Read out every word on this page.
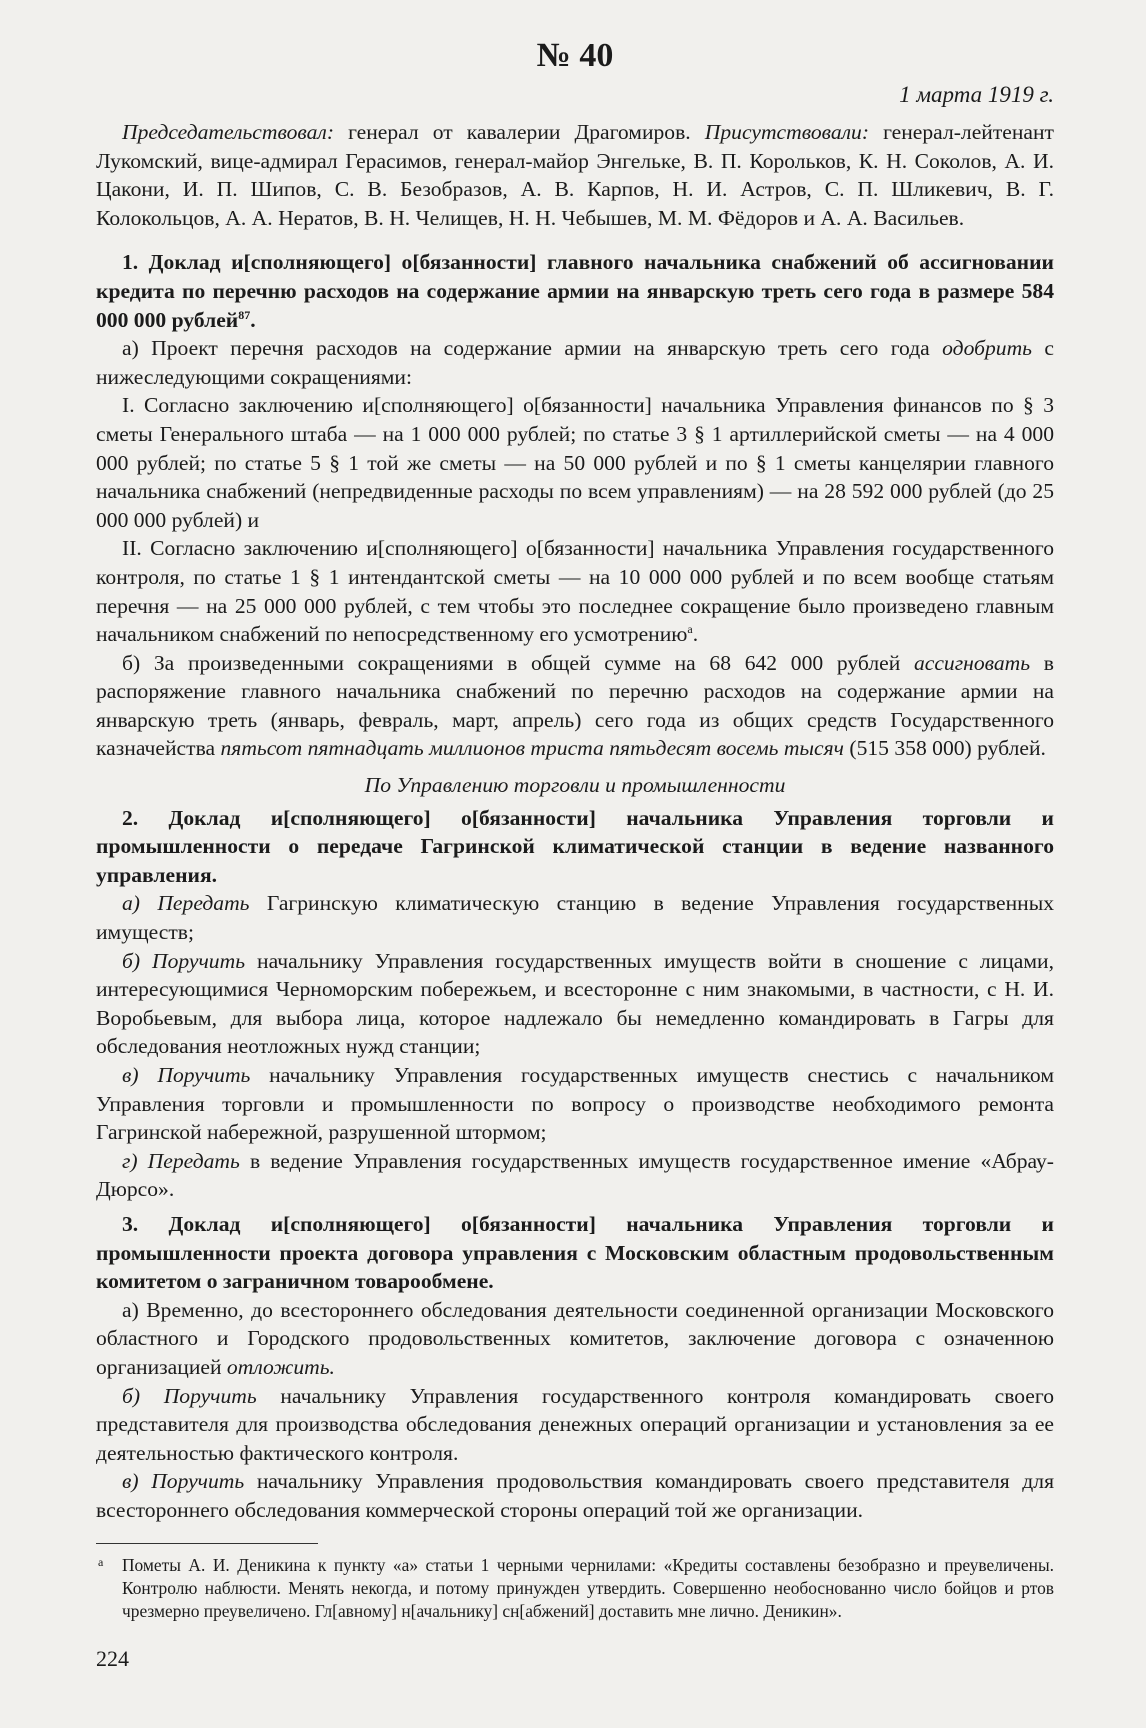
№ 40
1 марта 1919 г.

Председательствовал: генерал от кавалерии Драгомиров. Присутствовали: генерал-лейтенант Лукомский, вице-адмирал Герасимов, генерал-майор Энгельке, В. П. Корольков, К. Н. Соколов, А. И. Цакони, И. П. Шипов, С. В. Безобразов, А. В. Карпов, Н. И. Астров, С. П. Шликевич, В. Г. Колокольцов, А. А. Нератов, В. Н. Челищев, Н. Н. Чебышев, М. М. Фёдоров и А. А. Васильев.

1. Доклад и[сполняющего] о[бязанности] главного начальника снабжений об ассигновании кредита по перечню расходов на содержание армии на январскую треть сего года в размере 584 000 000 рублей$^{87}$.

а) Проект перечня расходов на содержание армии на январскую треть сего года одобрить с нижеследующими сокращениями:

I. Согласно заключению и[сполняющего] о[бязанности] начальника Управления финансов по § 3 сметы Генерального штаба — на 1 000 000 рублей; по статье 3 § 1 артиллерийской сметы — на 4 000 000 рублей; по статье 5 § 1 той же сметы — на 50 000 рублей и по § 1 сметы канцелярии главного начальника снабжений (непредвиденные расходы по всем управлениям) — на 28 592 000 рублей (до 25 000 000 рублей) и

II. Согласно заключению и[сполняющего] о[бязанности] начальника Управления государственного контроля, по статье 1 § 1 интендантской сметы — на 10 000 000 рублей и по всем вообще статьям перечня — на 25 000 000 рублей, с тем чтобы это последнее сокращение было произведено главным начальником снабжений по непосредственному его усмотрению$^а$.

б) За произведенными сокращениями в общей сумме на 68 642 000 рублей ассигновать в распоряжение главного начальника снабжений по перечню расходов на содержание армии на январскую треть (январь, февраль, март, апрель) сего года из общих средств Государственного казначейства пятьсот пятнадцать миллионов триста пятьдесят восемь тысяч (515 358 000) рублей.

По Управлению торговли и промышленности

2. Доклад и[сполняющего] о[бязанности] начальника Управления торговли и промышленности о передаче Гагринской климатической станции в ведение названного управления.

а) Передать Гагринскую климатическую станцию в ведение Управления государственных имуществ;

б) Поручить начальнику Управления государственных имуществ войти в сношение с лицами, интересующимися Черноморским побережьем, и всесторонне с ним знакомыми, в частности, с Н. И. Воробьевым, для выбора лица, которое надлежало бы немедленно командировать в Гагры для обследования неотложных нужд станции;

в) Поручить начальнику Управления государственных имуществ снестись с начальником Управления торговли и промышленности по вопросу о производстве необходимого ремонта Гагринской набережной, разрушенной штормом;

г) Передать в ведение Управления государственных имуществ государственное имение «Абрау-Дюрсо».

3. Доклад и[сполняющего] о[бязанности] начальника Управления торговли и промышленности проекта договора управления с Московским областным продовольственным комитетом о заграничном товарообмене.

а) Временно, до всестороннего обследования деятельности соединенной организации Московского областного и Городского продовольственных комитетов, заключение договора с означенною организацией отложить.

б) Поручить начальнику Управления государственного контроля командировать своего представителя для производства обследования денежных операций организации и установления за ее деятельностью фактического контроля.

в) Поручить начальнику Управления продовольствия командировать своего представителя для всестороннего обследования коммерческой стороны операций той же организации.

а Пометы А. И. Деникина к пункту «а» статьи 1 черными чернилами: «Кредиты составлены безобразно и преувеличены. Контролю наблюсти. Менять некогда, и потому принужден утвердить. Совершенно необоснованно число бойцов и ртов чрезмерно преувеличено. Гл[авному] н[ачальнику] сн[абжений] доставить мне лично. Деникин».
224
